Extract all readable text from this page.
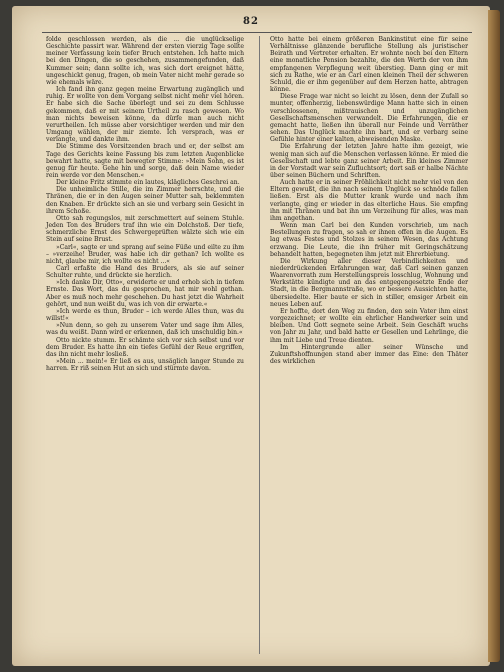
82

folde geschlossen werden, als die ... die unglückselige Geschichte passirt war. Während der ersten vierzig Tage sollte meiner Verfassung kein tiefer Bruch entstehen. Ich hatte mich bei den Dingen, die so geschehen, zusammengefunden, daß Kummer sein; dann sollte ich, was sich dort ereignet hätte, ungeschickt genug, fragen, ob mein Vater nicht mehr gerade so wie ehemals wäre.

Ich fand ihn ganz gegen meine Erwartung zugänglich und ruhig. Er wollte von dem Vorgang selbst nicht mehr viel hören. Er habe sich die Sache überlegt und sei zu dem Schlusse gekommen, daß er mit seinem Urtheil zu rasch gewesen. Wo man nichts beweisen könne, da dürfe man auch nicht verurtheilen. Ich müsse aber vorsichtiger werden und mir den Umgang wählen, der mir ziemte. Ich versprach, was er verlangte, und dankte ihm.

Die Stimme des Vorsitzenden brach und er, der selbst am Tage des Gerichts keine Fassung bis zum letzten Augenblicke bewahrt hatte, sagte mit bewegter Stimme: »Mein Sohn, es ist genug für heute. Gehe hin und sorge, daß dein Name wieder rein werde vor den Menschen.«

Der kleine Fritz stimmte ein lautes, klägliches Geschrei an.

Die unheimliche Stille, die im Zimmer herrschte, und die Thränen, die er in den Augen seiner Mutter sah, beklemmten den Knaben. Er drückte sich an sie und verbarg sein Gesicht in ihrem Schoße.

Otto sah regungslos, mit zerschmettert auf seinem Stuhle. Jeden Ton des Bruders traf ihn wie ein Dolchstoß. Der tiefe, schmerzliche Ernst des Schwergeprüften wälzte sich wie ein Stein auf seine Brust.

»Carl«, sagte er und sprang auf seine Füße und eilte zu ihm – »verzeihe! Bruder, was habe ich dir gethan? Ich wollte es nicht, glaube mir, ich wollte es nicht ...«

Carl erfaßte die Hand des Bruders, als sie auf seiner Schulter ruhte, und drückte sie herzlich.

»Ich danke Dir, Otto«, erwiderte er und erhob sich in tiefem Ernste. Das Wort, das du gesprochen, hat mir wohl gethan. Aber es muß noch mehr geschehen. Du hast jetzt die Wahrheit gehört, und nun weißt du, was ich von dir erwarte.«

»Ich werde es thun, Bruder – ich werde Alles thun, was du willst!«

»Nun denn, so geh zu unserem Vater und sage ihm Alles, was du weißt. Dann wird er erkennen, daß ich unschuldig bin.«

Otto nickte stumm. Er schämte sich vor sich selbst und vor dem Bruder. Es hatte ihn ein tiefes Gefühl der Reue ergriffen, das ihn nicht mehr losließ.

»Mein ... mein!« Er ließ es aus, unsäglich langer Stunde zu harren. Er riß seinen Hut an sich und stürmte davon.

Otto hatte bei einem größeren Bankinstitut eine für seine Verhältnisse glänzende berufliche Stellung als juristischer Beirath und Vertreter erhalten. Er wohnte noch bei den Eltern eine monatliche Pension bezahlte, die den Werth der von ihm empfangenen Verpflegung weit überstieg. Dann ging er mit sich zu Rathe, wie er an Carl einen kleinen Theil der schweren Schuld, die er ihm gegenüber auf dem Herzen hatte, abtragen könne.

Diese Frage war nicht so leicht zu lösen, denn der Zufall so munter, offenherzig, liebenswürdige Mann hatte sich in einen verschlossenen, mißtrauischen und unzugänglichen Gesellschaftsmenschen verwandelt. Die Erfahrungen, die er gemacht hatte, ließen ihn überall nur Feinde und Verräther sehen. Das Unglück machte ihn hart, und er verbarg seine Gefühle hinter einer kalten, abweisenden Maske.

Die Erfahrung der letzten Jahre hatte ihm gezeigt, wie wenig man sich auf die Menschen verlassen könne. Er mied die Gesellschaft und lebte ganz seiner Arbeit. Ein kleines Zimmer in der Vorstadt war sein Zufluchtsort; dort saß er halbe Nächte über seinen Büchern und Schriften.

Auch hatte er in seiner Fröhlichkeit nicht mehr viel von den Eltern gewußt, die ihn nach seinem Unglück so schnöde fallen ließen. Erst als die Mutter krank wurde und nach ihm verlangte, ging er wieder in das elterliche Haus. Sie empfing ihn mit Thränen und bat ihn um Verzeihung für alles, was man ihm angethan.

Wenn man Carl bei den Kunden vorschrieb, um nach Bestellungen zu fragen, so sah er ihnen offen in die Augen. Es lag etwas Festes und Stolzes in seinem Wesen, das Achtung erzwang. Die Leute, die ihn früher mit Geringschätzung behandelt hatten, begegneten ihm jetzt mit Ehrerbietung.

Die Wirkung aller dieser Verbindlichkeiten und niederdrückenden Erfahrungen war, daß Carl seinen ganzen Waarenvorrath zum Herstellungspreis losschlug, Wohnung und Werkstätte kündigte und an das entgegengesetzte Ende der Stadt, in die Bergmannstraße, wo er bessere Aussichten hatte, übersiedelte. Hier baute er sich in stiller, emsiger Arbeit ein neues Leben auf.

Er hoffte, dort den Weg zu finden, den sein Vater ihm einst vorgezeichnet; er wollte ein ehrlicher Handwerker sein und bleiben. Und Gott segnete seine Arbeit. Sein Geschäft wuchs von Jahr zu Jahr, und bald hatte er Gesellen und Lehrlinge, die ihm mit Liebe und Treue dienten.

Im Hintergrunde aller seiner Wünsche und Zukunftshoffnungen stand aber immer das Eine: den Thäter des wirklichen
